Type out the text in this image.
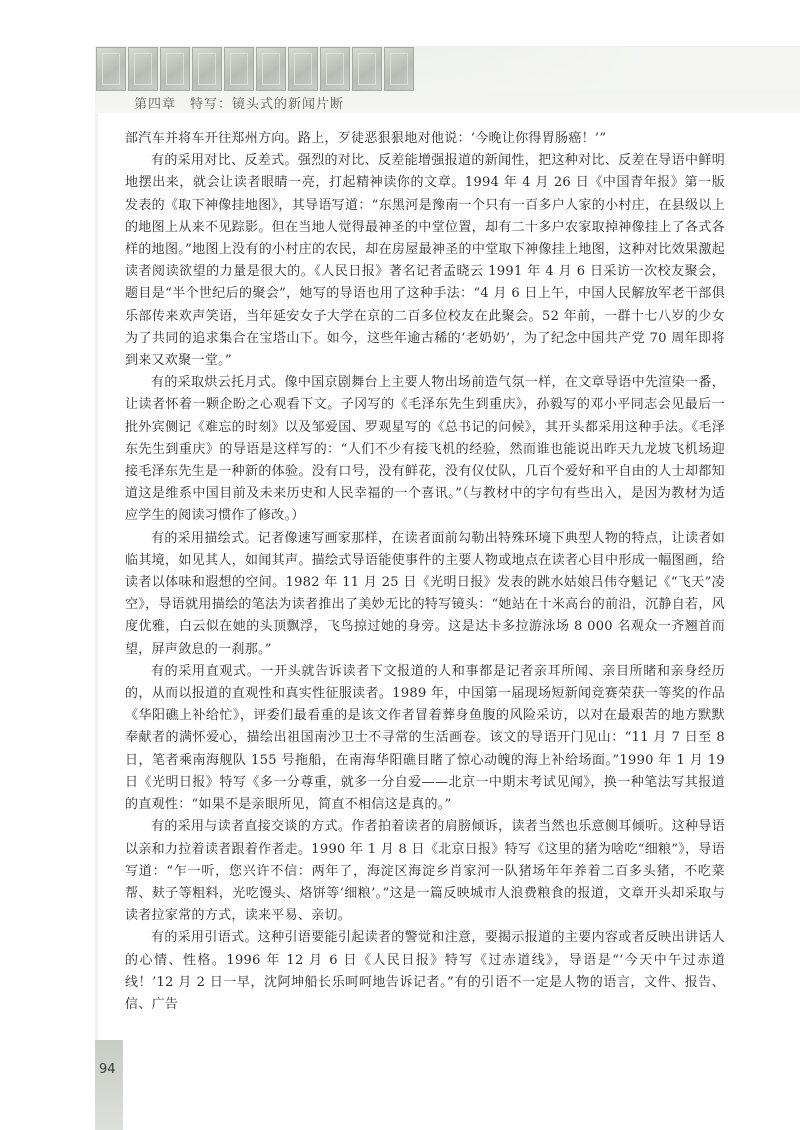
第四章　特写：镜头式的新闻片断

部汽车并将车开往郑州方向。路上，歹徒恶狠狠地对他说：‘今晚让你得胃肠癌！’”

有的采用对比、反差式。强烈的对比、反差能增强报道的新闻性，把这种对比、反差在导语中鲜明地摆出来，就会让读者眼睛一亮，打起精神读你的文章。1994 年 4 月 26 日《中国青年报》第一版发表的《取下神像挂地图》，其导语写道：“东黑河是豫南一个只有一百多户人家的小村庄，在县级以上的地图上从来不见踪影。但在当地人觉得最神圣的中堂位置，却有二十多户农家取掉神像挂上了各式各样的地图。”地图上没有的小村庄的农民，却在房屋最神圣的中堂取下神像挂上地图，这种对比效果激起读者阅读欲望的力量是很大的。《人民日报》著名记者孟晓云 1991 年 4 月 6 日采访一次校友聚会，题目是“半个世纪后的聚会”，她写的导语也用了这种手法：“4 月 6 日上午，中国人民解放军老干部俱乐部传来欢声笑语，当年延安女子大学在京的二百多位校友在此聚会。52 年前，一群十七八岁的少女为了共同的追求集合在宝塔山下。如今，这些年逾古稀的‘老奶奶’，为了纪念中国共产党 70 周年即将到来又欢聚一堂。”

有的采取烘云托月式。像中国京剧舞台上主要人物出场前造气氛一样，在文章导语中先渲染一番，让读者怀着一颗企盼之心观看下文。子冈写的《毛泽东先生到重庆》，孙毅写的邓小平同志会见最后一批外宾侧记《难忘的时刻》以及邹爱国、罗观星写的《总书记的问候》，其开头都采用这种手法。《毛泽东先生到重庆》的导语是这样写的：“人们不少有接飞机的经验，然而谁也能说出昨天九龙坡飞机场迎接毛泽东先生是一种新的体验。没有口号，没有鲜花，没有仪仗队，几百个爱好和平自由的人士却都知道这是维系中国目前及未来历史和人民幸福的一个喜讯。”（与教材中的字句有些出入，是因为教材为适应学生的阅读习惯作了修改。）

有的采用描绘式。记者像速写画家那样，在读者面前勾勒出特殊环境下典型人物的特点，让读者如临其境，如见其人，如闻其声。描绘式导语能使事件的主要人物或地点在读者心目中形成一幅图画，给读者以体味和遐想的空间。1982 年 11 月 25 日《光明日报》发表的跳水姑娘吕伟夺魁记《“飞天”凌空》，导语就用描绘的笔法为读者推出了美妙无比的特写镜头：“她站在十米高台的前沿，沉静自若，风度优雅，白云似在她的头顶飘浮，飞鸟掠过她的身旁。这是达卡多拉游泳场 8 000 名观众一齐翘首而望，屏声敛息的一刹那。”

有的采用直观式。一开头就告诉读者下文报道的人和事都是记者亲耳所闻、亲目所睹和亲身经历的，从而以报道的直观性和真实性征服读者。1989 年，中国第一届现场短新闻竞赛荣获一等奖的作品《华阳礁上补给忙》，评委们最看重的是该文作者冒着葬身鱼腹的风险采访，以对在最艰苦的地方默默奉献者的满怀爱心，描绘出祖国南沙卫士不寻常的生活画卷。该文的导语开门见山：“11 月 7 日至 8 日，笔者乘南海舰队 155 号拖船，在南海华阳礁目睹了惊心动魄的海上补给场面。”1990 年 1 月 19 日《光明日报》特写《多一分尊重，就多一分自爱——北京一中期末考试见闻》，换一种笔法写其报道的直观性：“如果不是亲眼所见，简直不相信这是真的。”

有的采用与读者直接交谈的方式。作者拍着读者的肩膀倾诉，读者当然也乐意侧耳倾听。这种导语以亲和力拉着读者跟着作者走。1990 年 1 月 8 日《北京日报》特写《这里的猪为啥吃“细粮”》，导语写道：“乍一听，您兴许不信：两年了，海淀区海淀乡肖家河一队猪场年年养着二百多头猪，不吃菜帮、麸子等粗料，光吃馒头、烙饼等‘细粮’。”这是一篇反映城市人浪费粮食的报道，文章开头却采取与读者拉家常的方式，读来平易、亲切。

有的采用引语式。这种引语要能引起读者的警觉和注意，要揭示报道的主要内容或者反映出讲话人的心情、性格。1996 年 12 月 6 日《人民日报》特写《过赤道线》，导语是“‘今天中午过赤道线！’12 月 2 日一早，沈阿坤船长乐呵呵地告诉记者。”有的引语不一定是人物的语言，文件、报告、信、广告

94
